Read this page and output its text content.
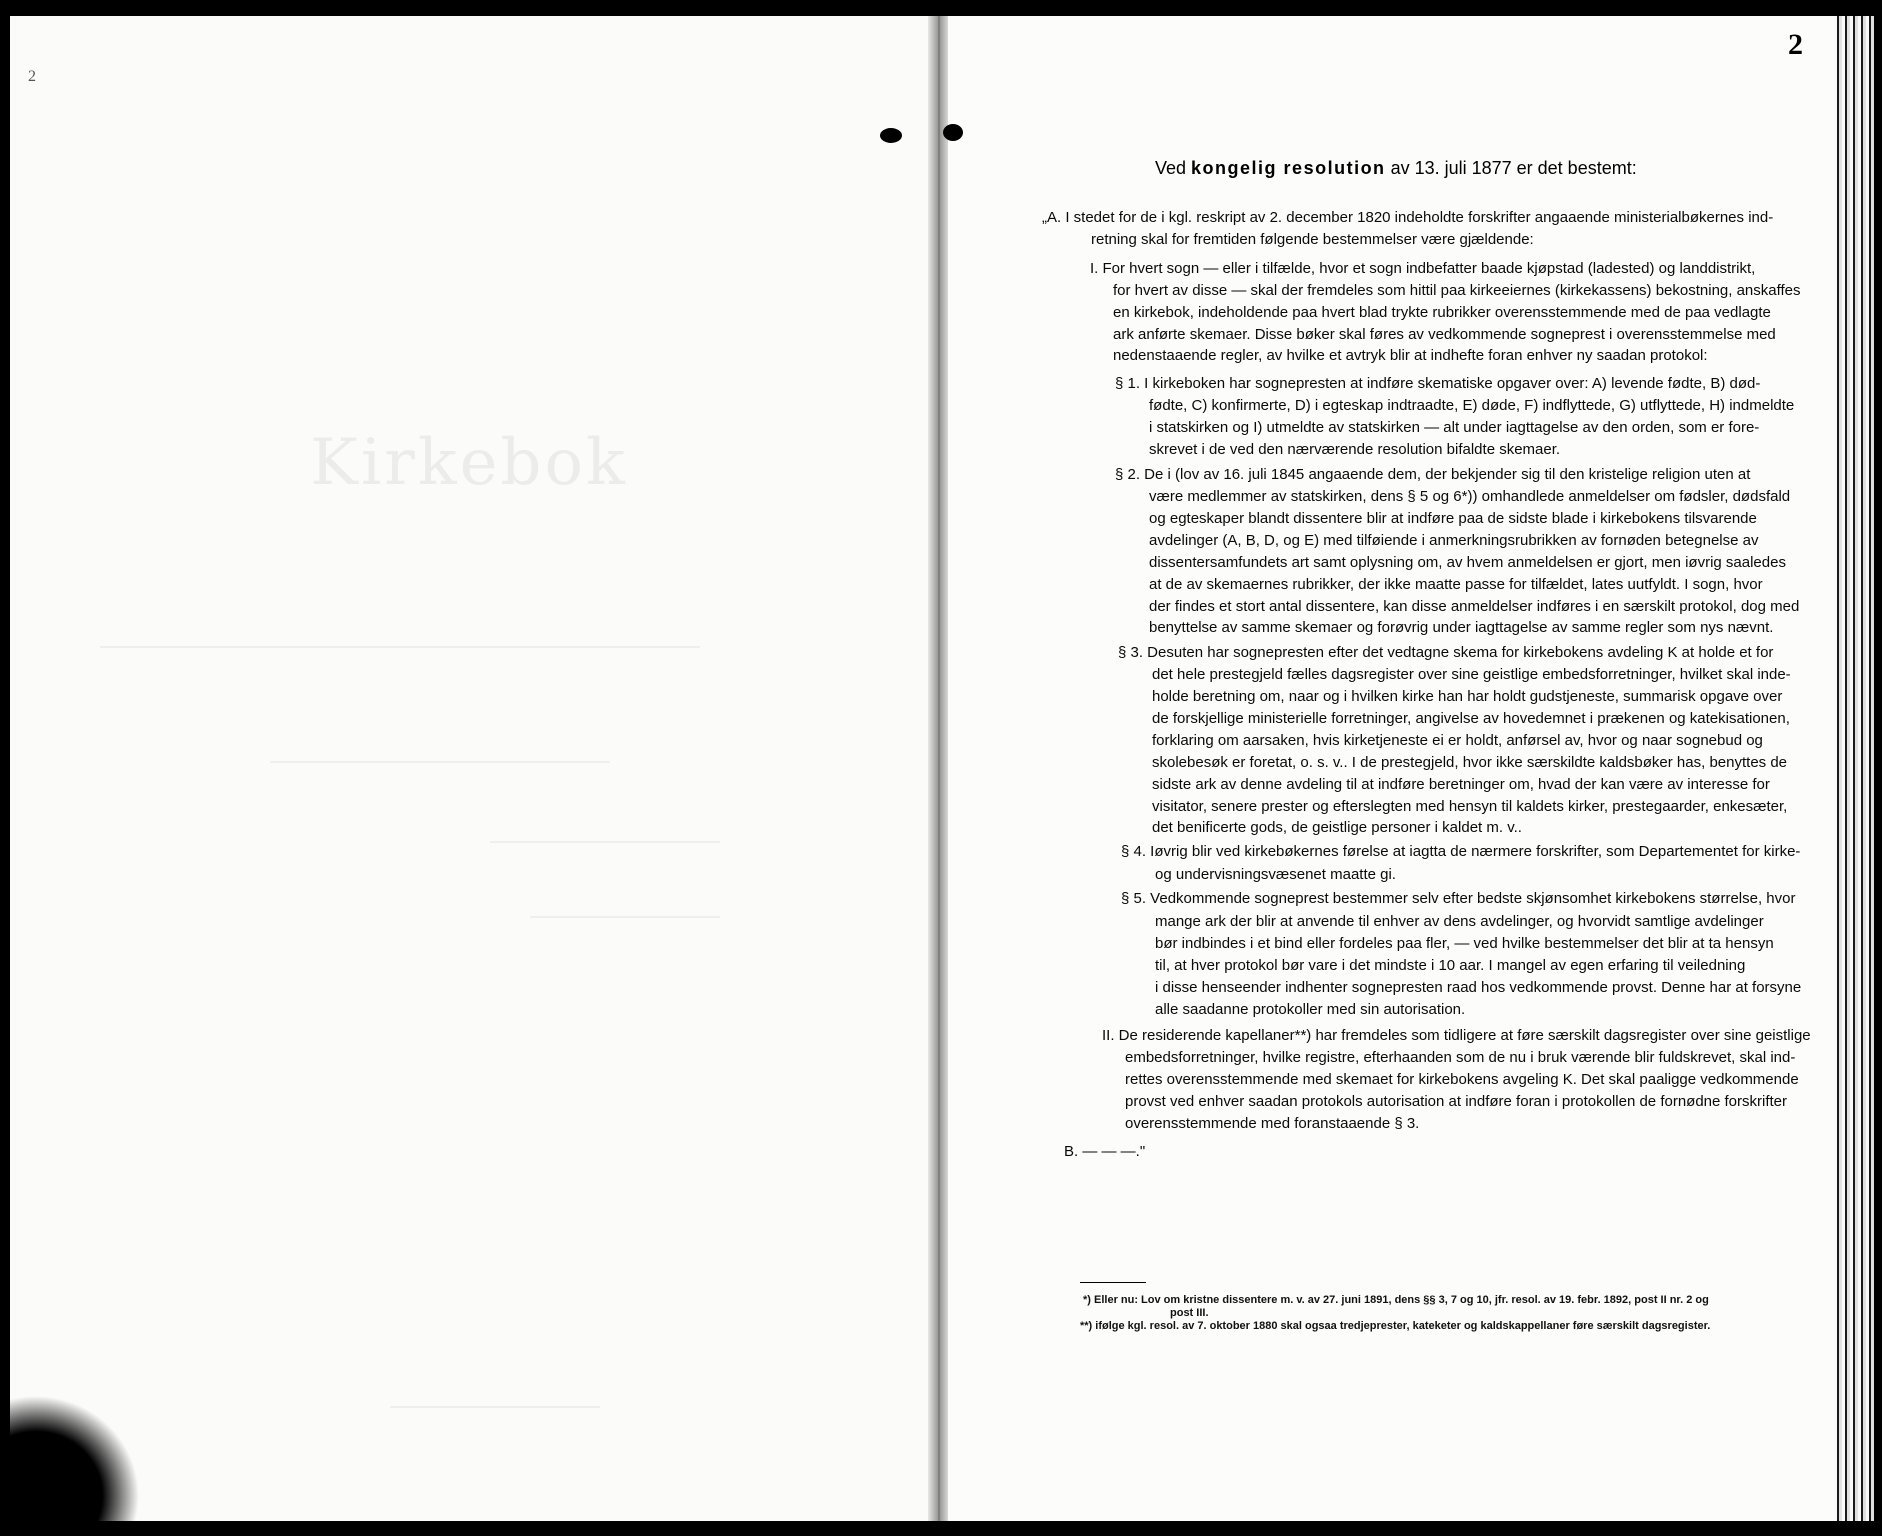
Kirkebok
2
2
Ved kongelig resolution av 13. juli 1877 er det bestemt:
„A. I stedet for de i kgl. reskript av 2. december 1820 indeholdte forskrifter angaaende ministerialbøkernes ind-
retning skal for fremtiden følgende bestemmelser være gjældende:
I. For hvert sogn — eller i tilfælde, hvor et sogn indbefatter baade kjøpstad (ladested) og landdistrikt,
for hvert av disse — skal der fremdeles som hittil paa kirkeeiernes (kirkekassens) bekostning, anskaffes
en kirkebok, indeholdende paa hvert blad trykte rubrikker overensstemmende med de paa vedlagte
ark anførte skemaer. Disse bøker skal føres av vedkommende sogneprest i overensstemmelse med
nedenstaaende regler, av hvilke et avtryk blir at indhefte foran enhver ny saadan protokol:
§ 1. I kirkeboken har sognepresten at indføre skematiske opgaver over: A) levende fødte, B) død-
fødte, C) konfirmerte, D) i egteskap indtraadte, E) døde, F) indflyttede, G) utflyttede, H) indmeldte
i statskirken og I) utmeldte av statskirken — alt under iagttagelse av den orden, som er fore-
skrevet i de ved den nærværende resolution bifaldte skemaer.
§ 2. De i (lov av 16. juli 1845 angaaende dem, der bekjender sig til den kristelige religion uten at
være medlemmer av statskirken, dens § 5 og 6*)) omhandlede anmeldelser om fødsler, dødsfald
og egteskaper blandt dissentere blir at indføre paa de sidste blade i kirkebokens tilsvarende
avdelinger (A, B, D, og E) med tilføiende i anmerkningsrubrikken av fornøden betegnelse av
dissentersamfundets art samt oplysning om, av hvem anmeldelsen er gjort, men iøvrig saaledes
at de av skemaernes rubrikker, der ikke maatte passe for tilfældet, lates uutfyldt. I sogn, hvor
der findes et stort antal dissentere, kan disse anmeldelser indføres i en særskilt protokol, dog med
benyttelse av samme skemaer og forøvrig under iagttagelse av samme regler som nys nævnt.
§ 3. Desuten har sognepresten efter det vedtagne skema for kirkebokens avdeling K at holde et for
det hele prestegjeld fælles dagsregister over sine geistlige embedsforretninger, hvilket skal inde-
holde beretning om, naar og i hvilken kirke han har holdt gudstjeneste, summarisk opgave over
de forskjellige ministerielle forretninger, angivelse av hovedemnet i prækenen og katekisationen,
forklaring om aarsaken, hvis kirketjeneste ei er holdt, anførsel av, hvor og naar sognebud og
skolebesøk er foretat, o. s. v.. I de prestegjeld, hvor ikke særskildte kaldsbøker has, benyttes de
sidste ark av denne avdeling til at indføre beretninger om, hvad der kan være av interesse for
visitator, senere prester og efterslegten med hensyn til kaldets kirker, prestegaarder, enkesæter,
det benificerte gods, de geistlige personer i kaldet m. v..
§ 4. Iøvrig blir ved kirkebøkernes førelse at iagtta de nærmere forskrifter, som Departementet for kirke-
og undervisningsvæsenet maatte gi.
§ 5. Vedkommende sogneprest bestemmer selv efter bedste skjønsomhet kirkebokens størrelse, hvor
mange ark der blir at anvende til enhver av dens avdelinger, og hvorvidt samtlige avdelinger
bør indbindes i et bind eller fordeles paa fler, — ved hvilke bestemmelser det blir at ta hensyn
til, at hver protokol bør vare i det mindste i 10 aar. I mangel av egen erfaring til veiledning
i disse henseender indhenter sognepresten raad hos vedkommende provst. Denne har at forsyne
alle saadanne protokoller med sin autorisation.
II. De residerende kapellaner**) har fremdeles som tidligere at føre særskilt dagsregister over sine geistlige
embedsforretninger, hvilke registre, efterhaanden som de nu i bruk værende blir fuldskrevet, skal ind-
rettes overensstemmende med skemaet for kirkebokens avgeling K. Det skal paaligge vedkommende
provst ved enhver saadan protokols autorisation at indføre foran i protokollen de fornødne forskrifter
overensstemmende med foranstaaende § 3.
B. — — —."
*) Eller nu: Lov om kristne dissentere m. v. av 27. juni 1891, dens §§ 3, 7 og 10, jfr. resol. av 19. febr. 1892, post II nr. 2 og
post III.
**) ifølge kgl. resol. av 7. oktober 1880 skal ogsaa tredjeprester, kateketer og kaldskappellaner føre særskilt dagsregister.
